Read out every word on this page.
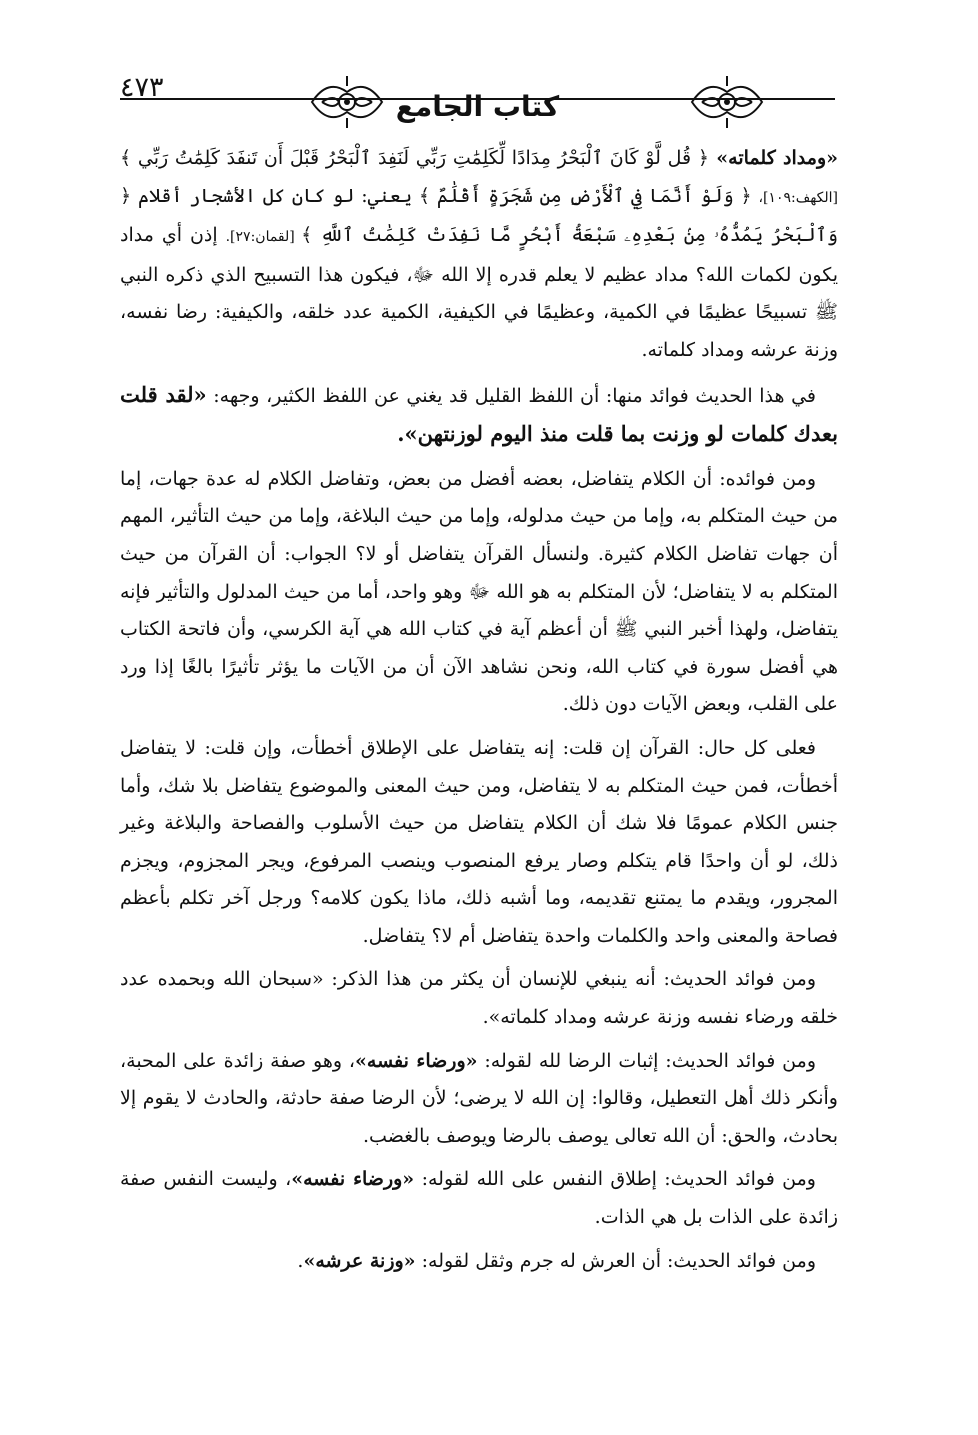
٤٧٣
كتاب الجامع

«ومداد كلماته» ﴿ قُل لَّوْ كَانَ ٱلْبَحْرُ مِدَادًا لِّكَلِمَٰتِ رَبِّي لَنَفِدَ ٱلْبَحْرُ قَبْلَ أَن تَنفَدَ كَلِمَٰتُ رَبِّي ﴾[الكهف:١٠٩]، ﴿ وَلَوْ أَنَّمَا فِي ٱلْأَرْضِ مِن شَجَرَةٍ أَقْلَٰمٌ ﴾ يعني: لو كان كل الأشجار أقلام ﴿ وَٱلْبَحْرُ يَمُدُّهُۥ مِنۢ بَعْدِهِۦ سَبْعَةُ أَبْحُرٍ مَّا نَفِدَتْ كَلِمَٰتُ ٱللَّهِ ﴾ [لقمان:٢٧]. إذن أي مداد يكون لكمات الله؟ مداد عظيم لا يعلم قدره إلا الله ﷻ، فيكون هذا التسبيح الذي ذكره النبي ﷺ تسبيحًا عظيمًا في الكمية، وعظيمًا في الكيفية، الكمية عدد خلقه، والكيفية: رضا نفسه، وزنة عرشه ومداد كلماته.

في هذا الحديث فوائد منها: أن اللفظ القليل قد يغني عن اللفظ الكثير، وجهه: «لقد قلت بعدك كلمات لو وزنت بما قلت منذ اليوم لوزنتهن».

ومن فوائده: أن الكلام يتفاضل، بعضه أفضل من بعض، وتفاضل الكلام له عدة جهات، إما من حيث المتكلم به، وإما من حيث مدلوله، وإما من حيث البلاغة، وإما من حيث التأثير، المهم أن جهات تفاضل الكلام كثيرة. ولنسأل القرآن يتفاضل أو لا؟ الجواب: أن القرآن من حيث المتكلم به لا يتفاضل؛ لأن المتكلم به هو الله ﷻ وهو واحد، أما من حيث المدلول والتأثير فإنه يتفاضل، ولهذا أخبر النبي ﷺ أن أعظم آية في كتاب الله هي آية الكرسي، وأن فاتحة الكتاب هي أفضل سورة في كتاب الله، ونحن نشاهد الآن أن من الآيات ما يؤثر تأثيرًا بالغًا إذا ورد على القلب، وبعض الآيات دون ذلك.

فعلى كل حال: القرآن إن قلت: إنه يتفاضل على الإطلاق أخطأت، وإن قلت: لا يتفاضل أخطأت، فمن حيث المتكلم به لا يتفاضل، ومن حيث المعنى والموضوع يتفاضل بلا شك، وأما جنس الكلام عمومًا فلا شك أن الكلام يتفاضل من حيث الأسلوب والفصاحة والبلاغة وغير ذلك، لو أن واحدًا قام يتكلم وصار يرفع المنصوب وينصب المرفوع، ويجر المجزوم، ويجزم المجرور، ويقدم ما يمتنع تقديمه، وما أشبه ذلك، ماذا يكون كلامه؟ ورجل آخر تكلم بأعظم فصاحة والمعنى واحد والكلمات واحدة يتفاضل أم لا؟ يتفاضل.

ومن فوائد الحديث: أنه ينبغي للإنسان أن يكثر من هذا الذكر: «سبحان الله وبحمده عدد خلقه ورضاء نفسه وزنة عرشه ومداد كلماته».

ومن فوائد الحديث: إثبات الرضا لله لقوله: «ورضاء نفسه»، وهو صفة زائدة على المحبة، وأنكر ذلك أهل التعطيل، وقالوا: إن الله لا يرضى؛ لأن الرضا صفة حادثة، والحادث لا يقوم إلا بحادث، والحق: أن الله تعالى يوصف بالرضا ويوصف بالغضب.

ومن فوائد الحديث: إطلاق النفس على الله لقوله: «ورضاء نفسه»، وليست النفس صفة زائدة على الذات بل هي الذات.

ومن فوائد الحديث: أن العرش له جرم وثقل لقوله: «وزنة عرشه».
